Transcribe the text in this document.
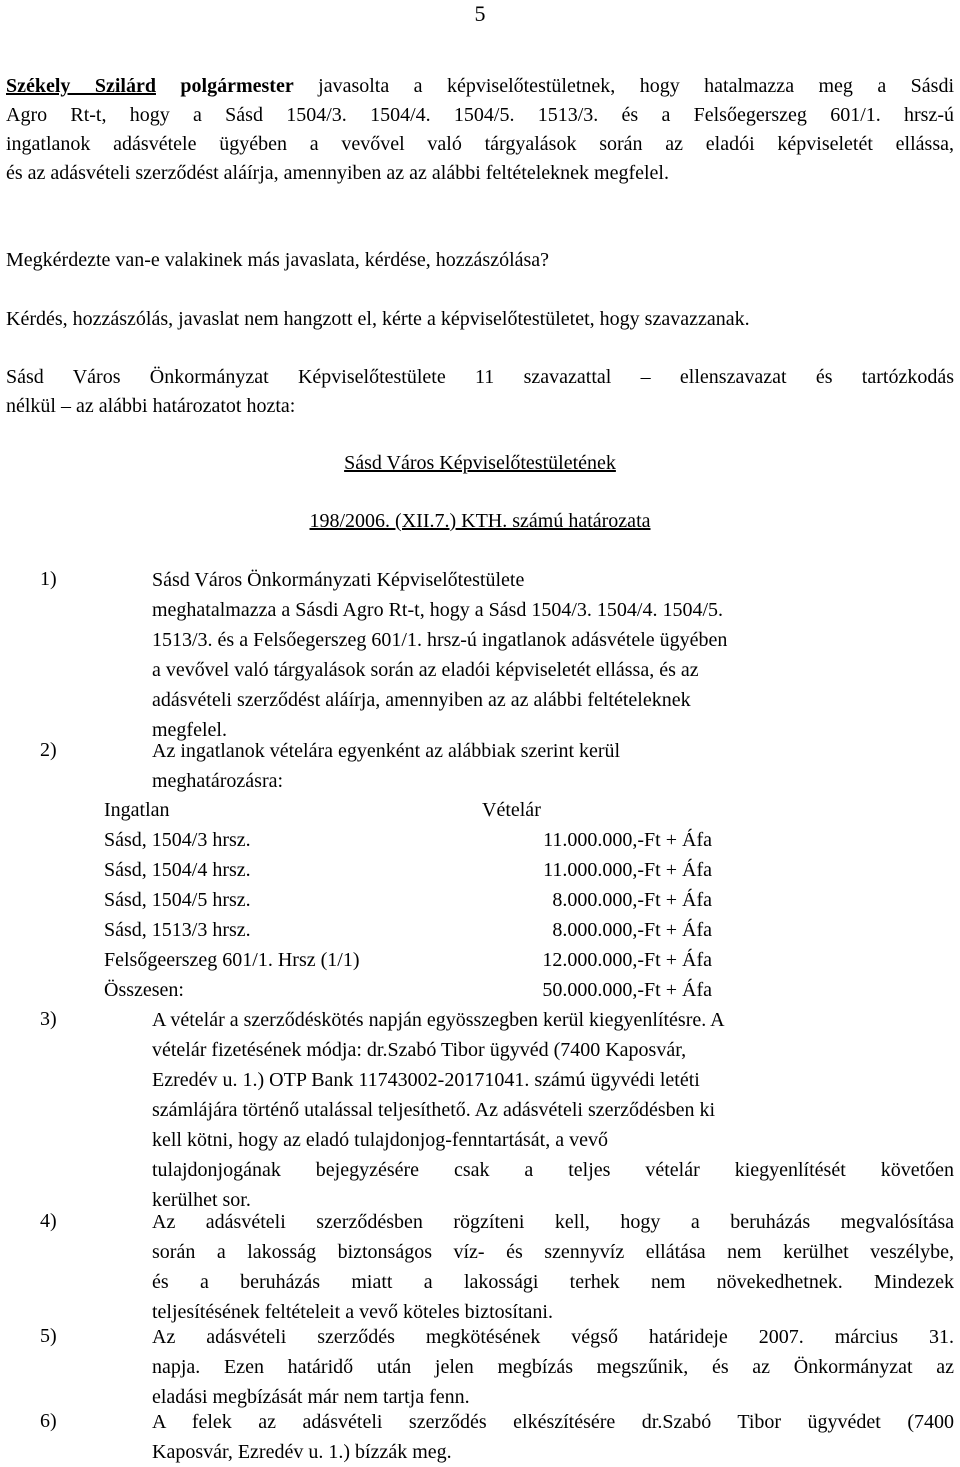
5
Székely Szilárd polgármester javasolta a képviselőtestületnek, hogy hatalmazza meg a Sásdi
Agro Rt-t, hogy a Sásd 1504/3. 1504/4. 1504/5. 1513/3. és a Felsőegerszeg 601/1. hrsz-ú
ingatlanok adásvétele ügyében a vevővel való tárgyalások során az eladói képviseletét ellássa,
és az adásvételi szerződést aláírja, amennyiben az az alábbi feltételeknek megfelel.
Megkérdezte van-e valakinek más javaslata, kérdése, hozzászólása?
Kérdés, hozzászólás, javaslat nem hangzott el, kérte a képviselőtestületet, hogy szavazzanak.
Sásd Város Önkormányzat Képviselőtestülete 11 szavazattal – ellenszavazat és tartózkodás
nélkül – az alábbi határozatot hozta:
Sásd Város Képviselőtestületének
198/2006. (XII.7.) KTH. számú határozata
1)	Sásd Város Önkormányzati Képviselőtestülete
meghatalmazza a Sásdi Agro Rt-t, hogy a Sásd 1504/3. 1504/4. 1504/5.
1513/3. és a Felsőegerszeg 601/1. hrsz-ú ingatlanok adásvétele ügyében
a vevővel való tárgyalások során az eladói képviseletét ellássa, és az
adásvételi szerződést aláírja, amennyiben az az alábbi feltételeknek
megfelel.
2)	Az ingatlanok vételára egyenként az alábbiak szerint kerül
meghatározásra:
Ingatlan	Vételár
Sásd, 1504/3 hrsz.	11.000.000,-Ft + Áfa
Sásd, 1504/4 hrsz.	11.000.000,-Ft + Áfa
Sásd, 1504/5 hrsz.	8.000.000,-Ft + Áfa
Sásd, 1513/3 hrsz.	8.000.000,-Ft + Áfa
Felsőgeerszeg 601/1. Hrsz (1/1)	12.000.000,-Ft + Áfa
Összesen:	50.000.000,-Ft + Áfa
3)	A vételár a szerződéskötés napján egyösszegben kerül kiegyenlítésre. A
vételár fizetésének módja: dr.Szabó Tibor ügyvéd (7400 Kaposvár,
Ezredév u. 1.) OTP Bank 11743002-20171041. számú ügyvédi letéti
számlájára történő utalással teljesíthető. Az adásvételi szerződésben ki
kell kötni, hogy az eladó tulajdonjog-fenntartását, a vevő
tulajdonjogának bejegyzésére csak a teljes vételár kiegyenlítését követően
kerülhet sor.
4)	Az adásvételi szerződésben rögzíteni kell, hogy a beruházás megvalósítása
során a lakosság biztonságos víz- és szennyvíz ellátása nem kerülhet veszélybe,
és a beruházás miatt a lakossági terhek nem növekedhetnek. Mindezek
teljesítésének feltételeit a vevő köteles biztosítani.
5)	Az adásvételi szerződés megkötésének végső határideje 2007. március 31.
napja. Ezen határidő után jelen megbízás megszűnik, és az Önkormányzat az
eladási megbízását már nem tartja fenn.
6)	A felek az adásvételi szerződés elkészítésére dr.Szabó Tibor ügyvédet (7400
Kaposvár, Ezredév u. 1.) bízzák meg.
